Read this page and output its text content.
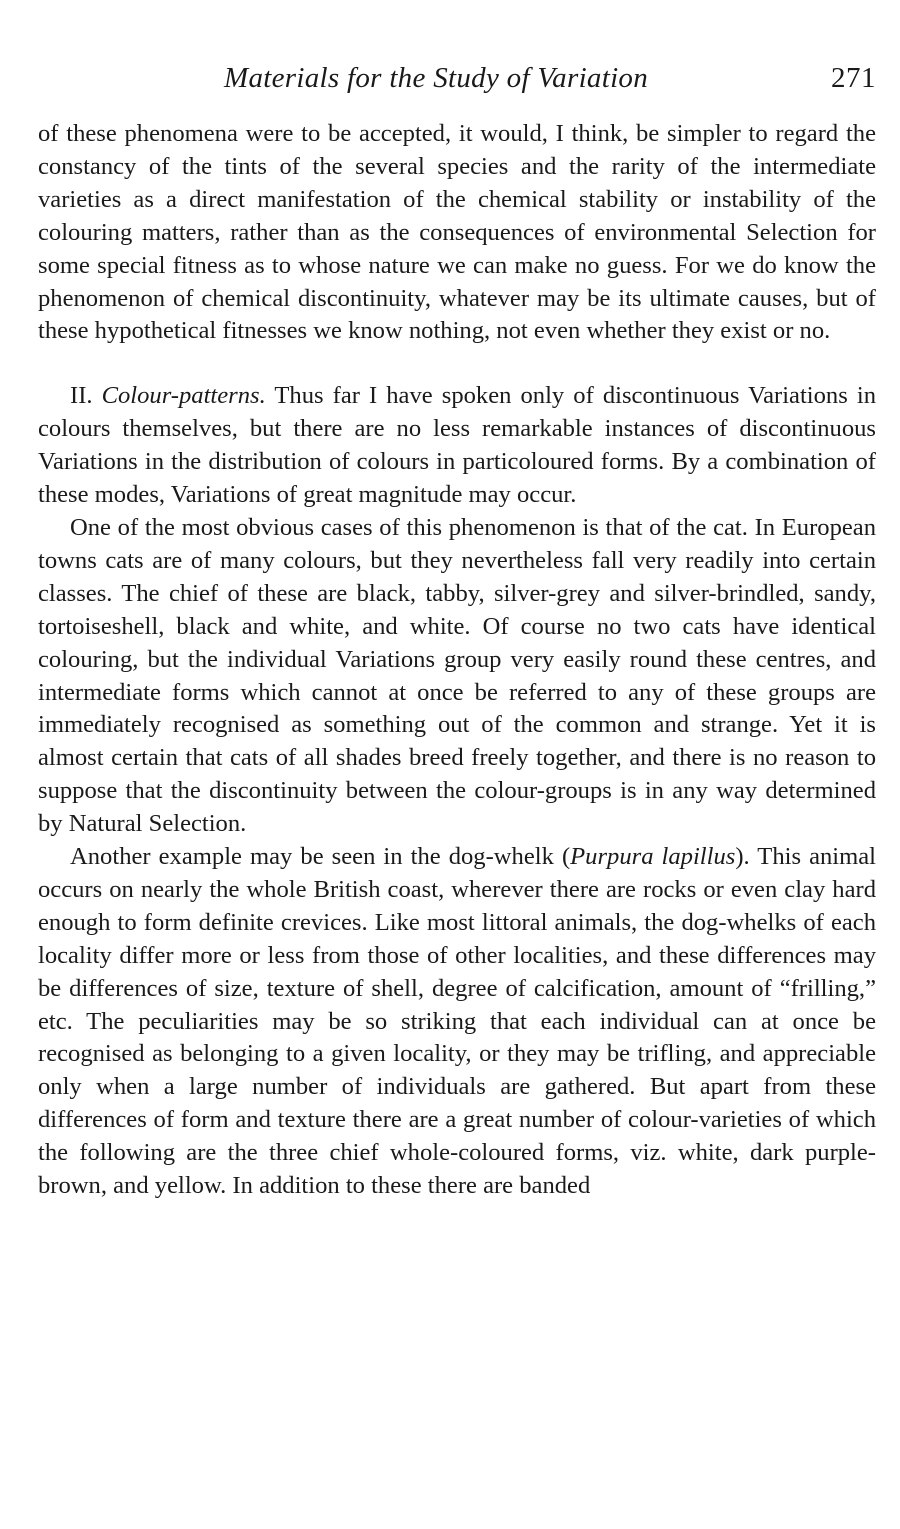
Materials for the Study of Variation	271

of these phenomena were to be accepted, it would, I think, be simpler to regard the constancy of the tints of the several species and the rarity of the intermediate varieties as a direct manifestation of the chemical stability or instability of the colouring matters, rather than as the consequences of environmental Selection for some special fitness as to whose nature we can make no guess. For we do know the phenomenon of chemical discontinuity, whatever may be its ultimate causes, but of these hypothetical fitnesses we know nothing, not even whether they exist or no.

II. Colour-patterns. Thus far I have spoken only of discontinuous Variations in colours themselves, but there are no less remarkable instances of discontinuous Variations in the distribution of colours in particoloured forms. By a combination of these modes, Variations of great magnitude may occur.

One of the most obvious cases of this phenomenon is that of the cat. In European towns cats are of many colours, but they nevertheless fall very readily into certain classes. The chief of these are black, tabby, silver-grey and silver-brindled, sandy, tortoiseshell, black and white, and white. Of course no two cats have identical colouring, but the individual Variations group very easily round these centres, and intermediate forms which cannot at once be referred to any of these groups are immediately recognised as something out of the common and strange. Yet it is almost certain that cats of all shades breed freely together, and there is no reason to suppose that the discontinuity between the colour-groups is in any way determined by Natural Selection.

Another example may be seen in the dog-whelk (Purpura lapillus). This animal occurs on nearly the whole British coast, wherever there are rocks or even clay hard enough to form definite crevices. Like most littoral animals, the dog-whelks of each locality differ more or less from those of other localities, and these differences may be differences of size, texture of shell, degree of calcification, amount of “frilling,” etc. The peculiarities may be so striking that each individual can at once be recognised as belonging to a given locality, or they may be trifling, and appreciable only when a large number of individuals are gathered. But apart from these differences of form and texture there are a great number of colour-varieties of which the following are the three chief whole-coloured forms, viz. white, dark purple-brown, and yellow. In addition to these there are banded
